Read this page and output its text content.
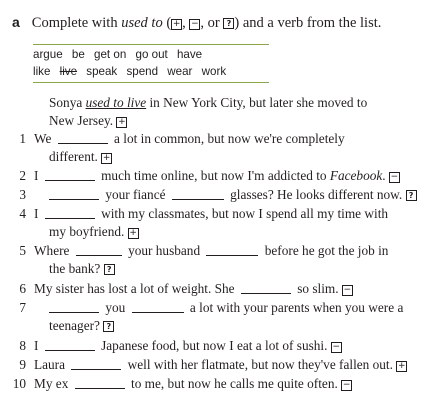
a Complete with used to ( + , − , or ? ) and a verb from the list.
argue be get on go out have
like live speak spend wear work
Sonya used to live in New York City, but later she moved to
New Jersey. +
1 We	a lot in common, but now we're completely
different. +
2 I	much time online, but now I'm addicted to Facebook. −
3	your fiancé	glasses? He looks different now. ?
4 I	with my classmates, but now I spend all my time with
my boyfriend. +
5 Where	your husband	before he got the job in
the bank? ?
6 My sister has lost a lot of weight. She	so slim. −
7	you	a lot with your parents when you were a
teenager? ?
8 I	Japanese food, but now I eat a lot of sushi. −
9 Laura	well with her flatmate, but now they've fallen out. +
10 My ex	to me, but now he calls me quite often. −
